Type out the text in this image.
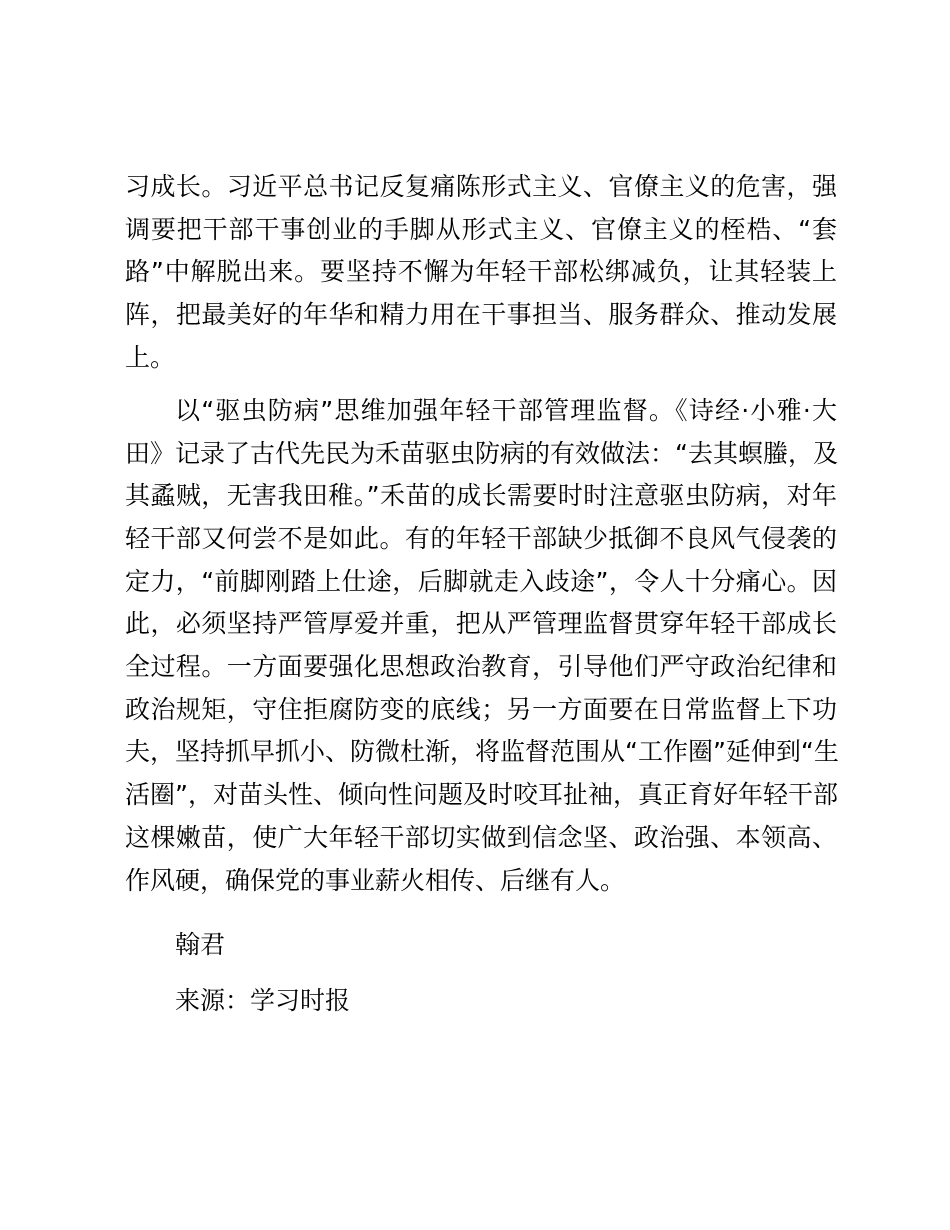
习成长。习近平总书记反复痛陈形式主义、官僚主义的危害，强
调要把干部干事创业的手脚从形式主义、官僚主义的桎梏、“套
路”中解脱出来。要坚持不懈为年轻干部松绑减负，让其轻装上
阵，把最美好的年华和精力用在干事担当、服务群众、推动发展
上。
以“驱虫防病”思维加强年轻干部管理监督。《诗经·小雅·大
田》记录了古代先民为禾苗驱虫防病的有效做法：“去其螟螣，及
其蟊贼，无害我田稚。”禾苗的成长需要时时注意驱虫防病，对年
轻干部又何尝不是如此。有的年轻干部缺少抵御不良风气侵袭的
定力，“前脚刚踏上仕途，后脚就走入歧途”，令人十分痛心。因
此，必须坚持严管厚爱并重，把从严管理监督贯穿年轻干部成长
全过程。一方面要强化思想政治教育，引导他们严守政治纪律和
政治规矩，守住拒腐防变的底线；另一方面要在日常监督上下功
夫，坚持抓早抓小、防微杜渐，将监督范围从“工作圈”延伸到“生
活圈”，对苗头性、倾向性问题及时咬耳扯袖，真正育好年轻干部
这棵嫩苗，使广大年轻干部切实做到信念坚、政治强、本领高、
作风硬，确保党的事业薪火相传、后继有人。
翰君
来源：学习时报
